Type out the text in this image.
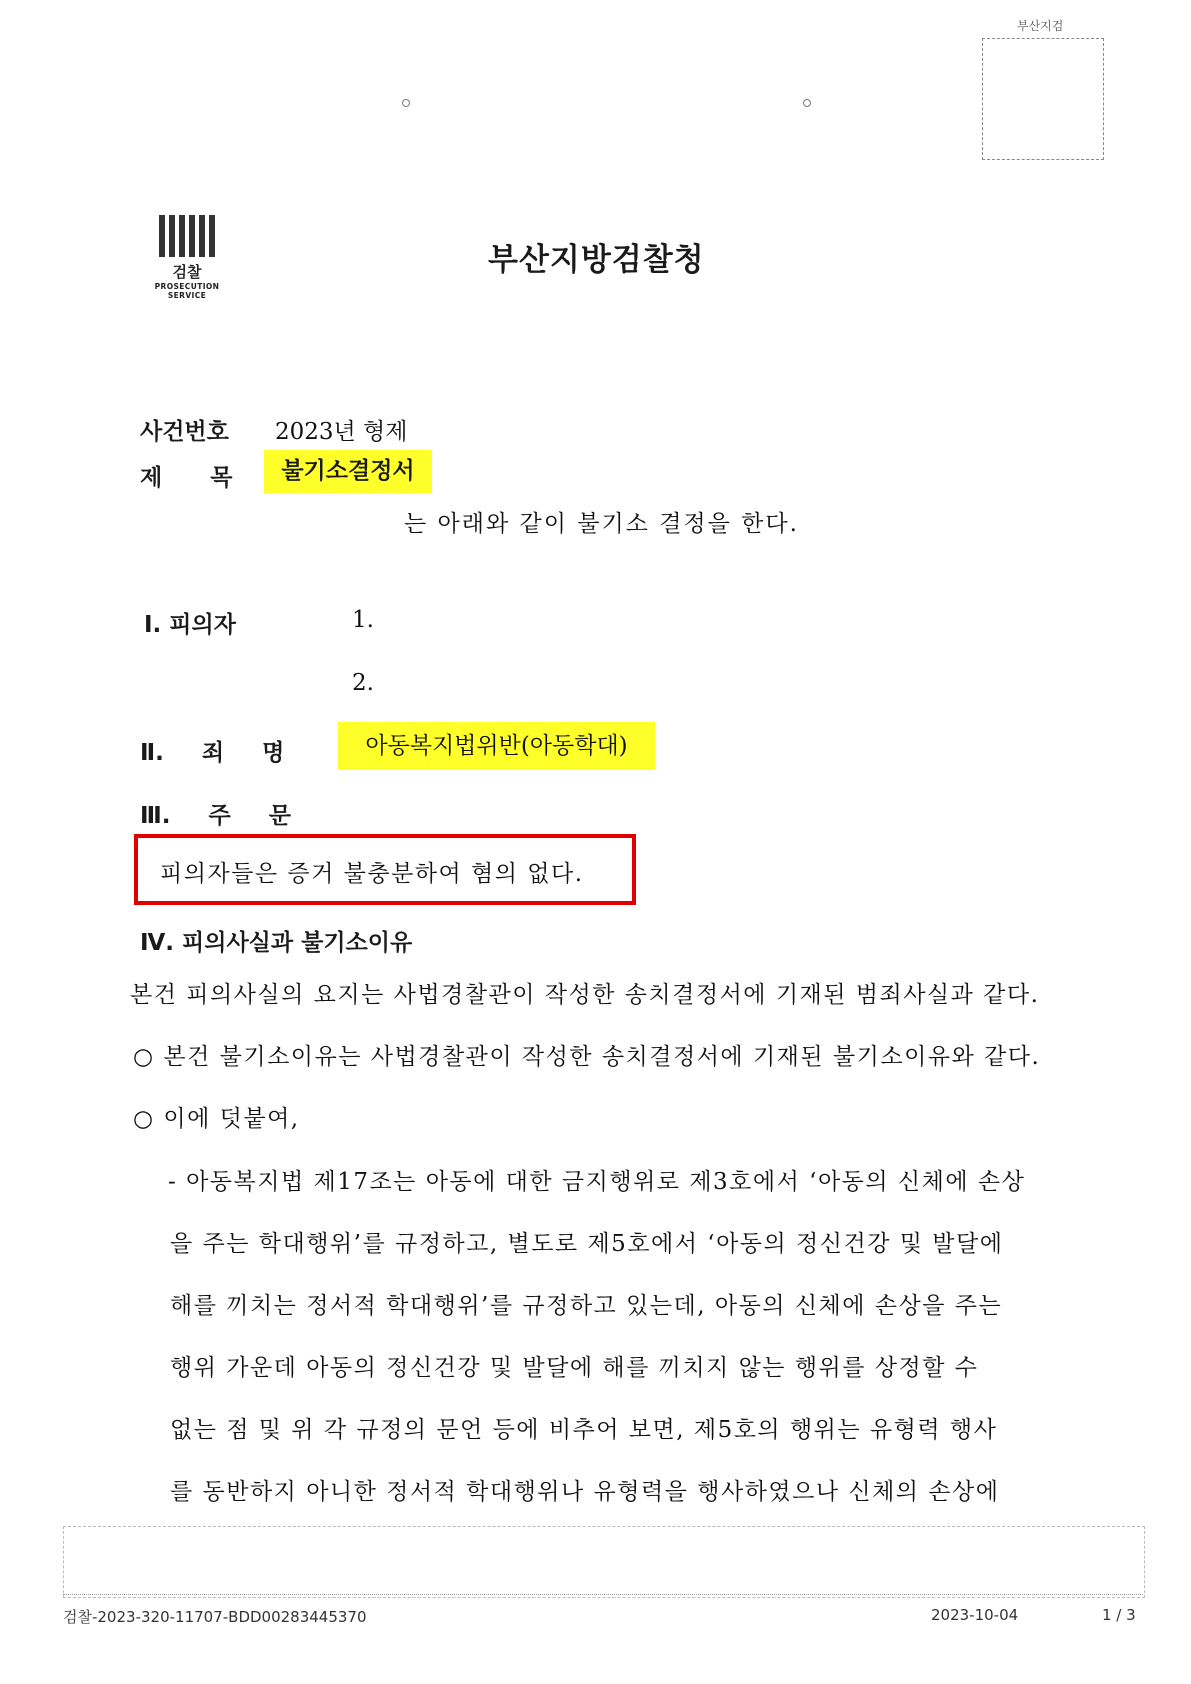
부산지검
검찰
PROSECUTION SERVICE
부산지방검찰청
사건번호 2023년 형제
제 목	불기소결정서
는 아래와 같이 불기소 결정을 한다.
Ⅰ. 피의자	1.
2.
Ⅱ. 죄 명	아동복지법위반(아동학대)
Ⅲ. 주 문
피의자들은 증거 불충분하여 혐의 없다.
Ⅳ. 피의사실과 불기소이유
본건 피의사실의 요지는 사법경찰관이 작성한 송치결정서에 기재된 범죄사실과 같다.
○ 본건 불기소이유는 사법경찰관이 작성한 송치결정서에 기재된 불기소이유와 같다.
○ 이에 덧붙여,
- 아동복지법 제17조는 아동에 대한 금지행위로 제3호에서 ‘아동의 신체에 손상
을 주는 학대행위’를 규정하고, 별도로 제5호에서 ‘아동의 정신건강 및 발달에
해를 끼치는 정서적 학대행위’를 규정하고 있는데, 아동의 신체에 손상을 주는
행위 가운데 아동의 정신건강 및 발달에 해를 끼치지 않는 행위를 상정할 수
없는 점 및 위 각 규정의 문언 등에 비추어 보면, 제5호의 행위는 유형력 행사
를 동반하지 아니한 정서적 학대행위나 유형력을 행사하였으나 신체의 손상에
검찰-2023-320-11707-BDD00283445370	2023-10-04	1 / 3
